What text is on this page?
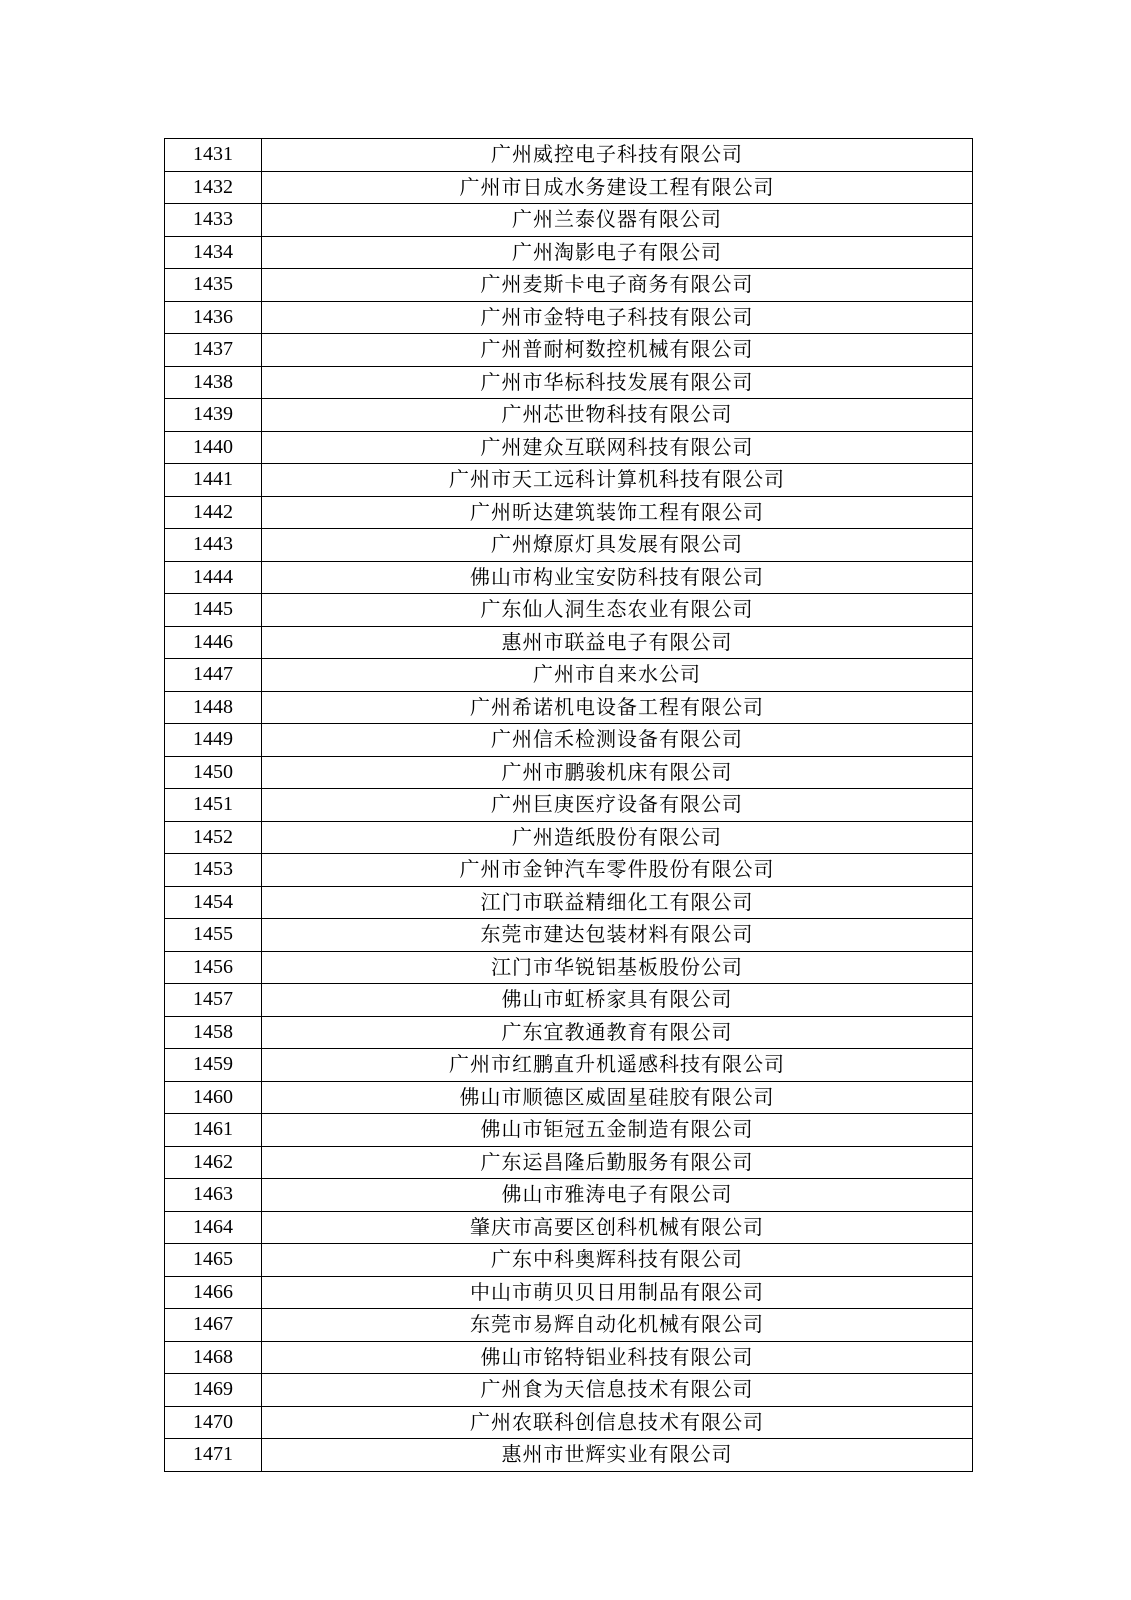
1431	广州威控电子科技有限公司
1432	广州市日成水务建设工程有限公司
1433	广州兰泰仪器有限公司
1434	广州淘影电子有限公司
1435	广州麦斯卡电子商务有限公司
1436	广州市金特电子科技有限公司
1437	广州普耐柯数控机械有限公司
1438	广州市华标科技发展有限公司
1439	广州芯世物科技有限公司
1440	广州建众互联网科技有限公司
1441	广州市天工远科计算机科技有限公司
1442	广州昕达建筑装饰工程有限公司
1443	广州燎原灯具发展有限公司
1444	佛山市构业宝安防科技有限公司
1445	广东仙人洞生态农业有限公司
1446	惠州市联益电子有限公司
1447	广州市自来水公司
1448	广州希诺机电设备工程有限公司
1449	广州信禾检测设备有限公司
1450	广州市鹏骏机床有限公司
1451	广州巨庚医疗设备有限公司
1452	广州造纸股份有限公司
1453	广州市金钟汽车零件股份有限公司
1454	江门市联益精细化工有限公司
1455	东莞市建达包装材料有限公司
1456	江门市华锐铝基板股份公司
1457	佛山市虹桥家具有限公司
1458	广东宜教通教育有限公司
1459	广州市红鹏直升机遥感科技有限公司
1460	佛山市顺德区威固星硅胶有限公司
1461	佛山市钜冠五金制造有限公司
1462	广东运昌隆后勤服务有限公司
1463	佛山市雅涛电子有限公司
1464	肇庆市高要区创科机械有限公司
1465	广东中科奥辉科技有限公司
1466	中山市萌贝贝日用制品有限公司
1467	东莞市易辉自动化机械有限公司
1468	佛山市铭特铝业科技有限公司
1469	广州食为天信息技术有限公司
1470	广州农联科创信息技术有限公司
1471	惠州市世辉实业有限公司
